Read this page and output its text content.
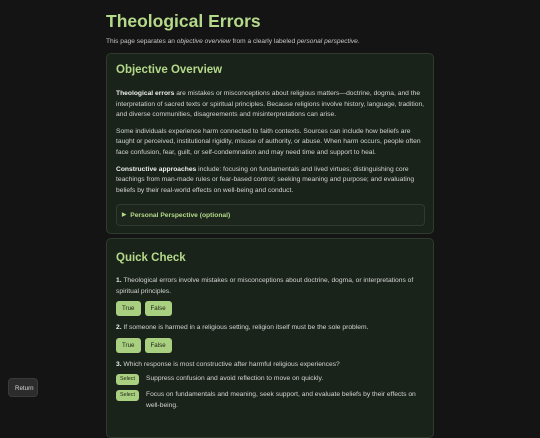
Theological Errors

This page separates an objective overview from a clearly labeled personal perspective.

Objective Overview

Theological errors are mistakes or misconceptions about religious matters—doctrine, dogma, and the interpretation of sacred texts or spiritual principles. Because religions involve history, language, tradition, and diverse communities, disagreements and misinterpretations can arise.

Some individuals experience harm connected to faith contexts. Sources can include how beliefs are taught or perceived, institutional rigidity, misuse of authority, or abuse. When harm occurs, people often face confusion, fear, guilt, or self-condemnation and may need time and support to heal.

Constructive approaches include: focusing on fundamentals and lived virtues; distinguishing core teachings from man-made rules or fear-based control; seeking meaning and purpose; and evaluating beliefs by their real-world effects on well-being and conduct.

▶ Personal Perspective (optional)
Quick Check

1. Theological errors involve mistakes or misconceptions about doctrine, dogma, or interpretations of spiritual principles.

True	False

2. If someone is harmed in a religious setting, religion itself must be the sole problem.

True	False

3. Which response is most constructive after harmful religious experiences?

Select	Suppress confusion and avoid reflection to move on quickly.
Select	Focus on fundamentals and meaning, seek support, and evaluate beliefs by their effects on well-being.
Return
